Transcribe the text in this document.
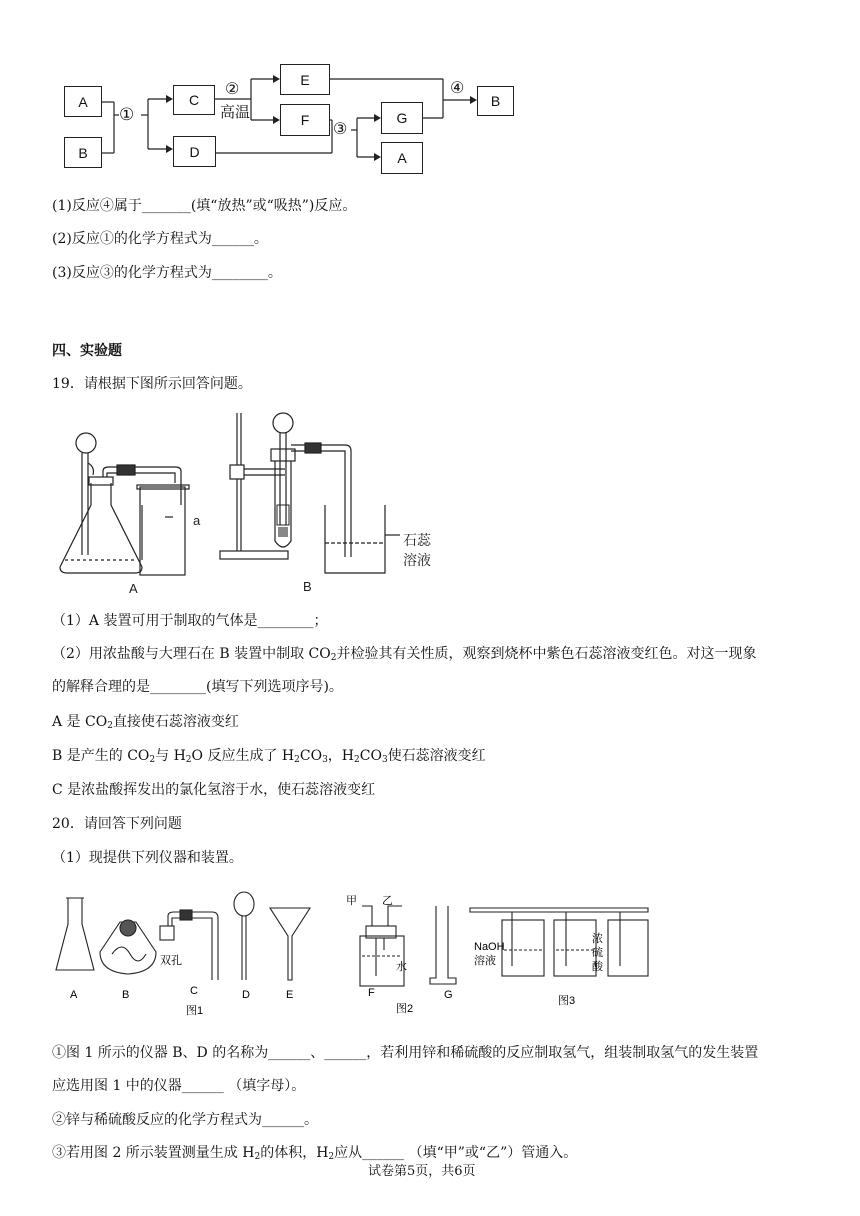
A
B
C
D
E
F	G
A
B
①
②
高温
③
④
(1)反应④属于_______(填“放热”或“吸热”)反应。
(2)反应①的化学方程式为______。
(3)反应③的化学方程式为________。
四、实验题
19．请根据下图所示回答问题。
a
A	B
石蕊
溶液
（1）A 装置可用于制取的气体是________；
（2）用浓盐酸与大理石在 B 装置中制取 $CO_2$并检验其有关性质，观察到烧杯中紫色石蕊溶液变红色。对这一现象
的解释合理的是________(填写下列选项序号)。
A 是 $CO_2$直接使石蕊溶液变红
B 是产生的 $CO_2$与 $H_2O$ 反应生成了 $H_2CO_3$，$H_2CO_3$使石蕊溶液变红
C 是浓盐酸挥发出的氯化氢溶于水，使石蕊溶液变红
20．请回答下列问题
（1）现提供下列仪器和装置。
A	B
双孔
C	D	E
图1
甲 乙
水
F
图2
G
NaOH
溶液
浓
硫
酸
图3
①图 1 所示的仪器 B、D 的名称为______、______，若利用锌和稀硫酸的反应制取氢气，组装制取氢气的发生装置
应选用图 1 中的仪器______ （填字母）。
②锌与稀硫酸反应的化学方程式为______。
③若用图 2 所示装置测量生成 $H_2$的体积，$H_2$应从______ （填“甲”或“乙”）管通入。
试卷第5页，共6页
